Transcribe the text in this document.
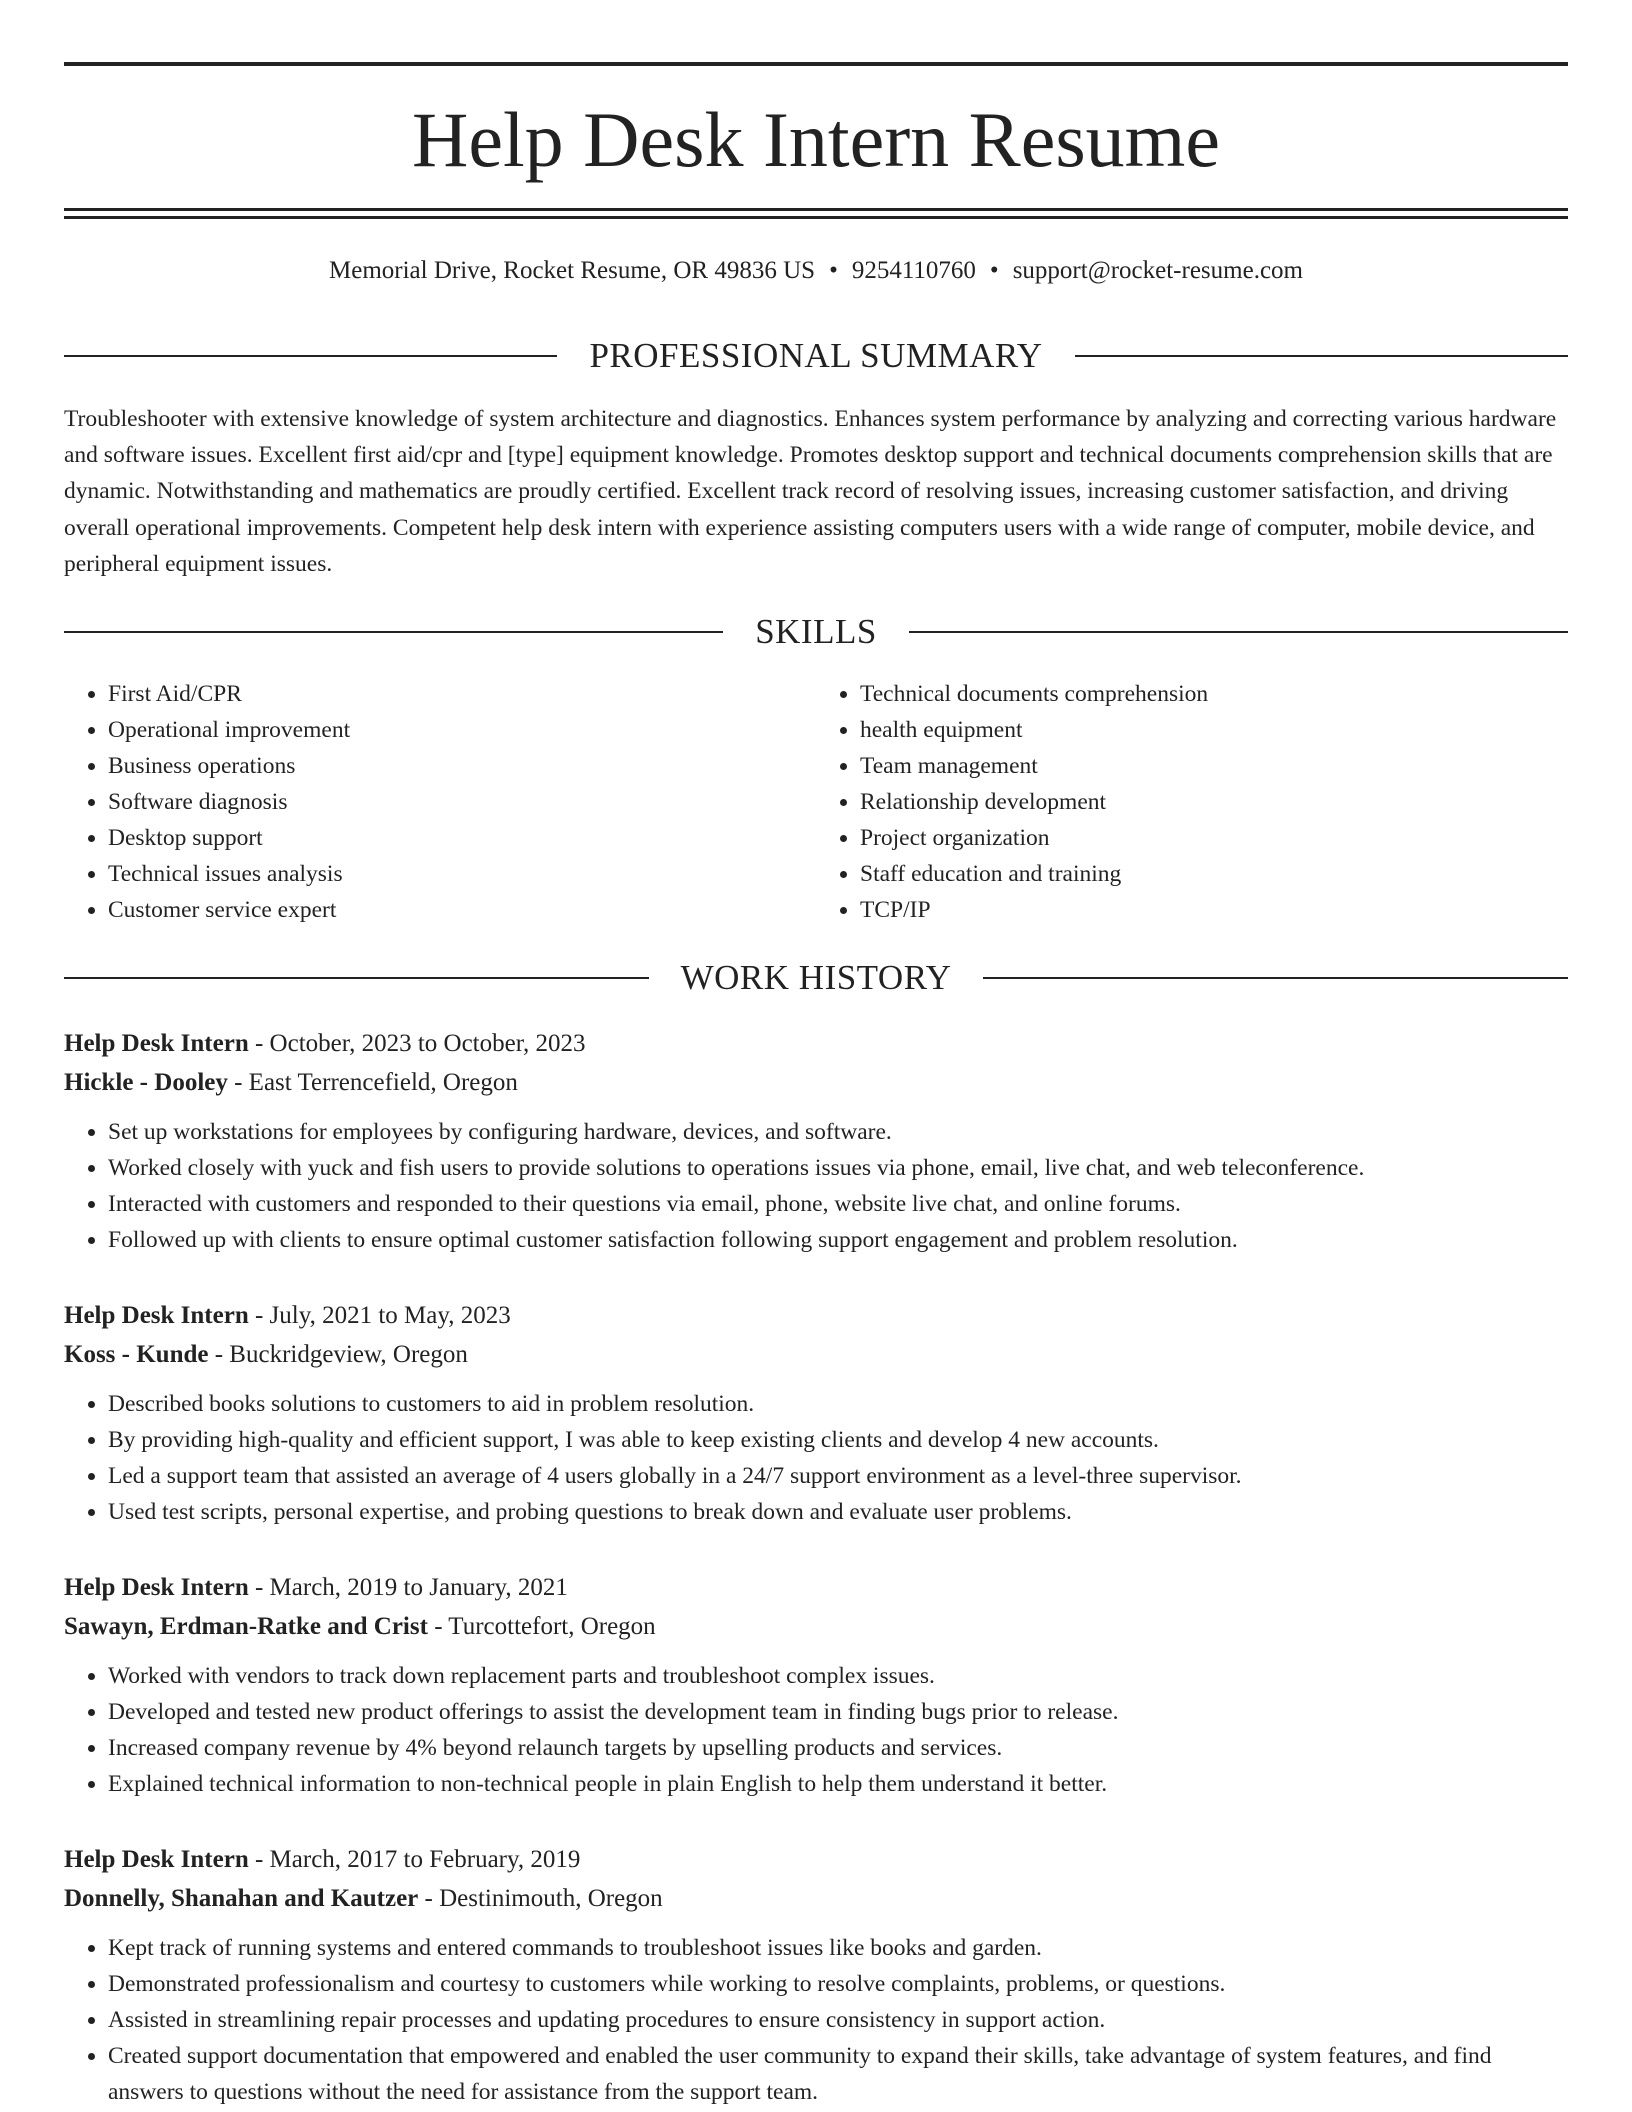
Help Desk Intern Resume
Memorial Drive, Rocket Resume, OR 49836 US • 9254110760 • support@rocket-resume.com
PROFESSIONAL SUMMARY

Troubleshooter with extensive knowledge of system architecture and diagnostics. Enhances system performance by analyzing and correcting various hardware and software issues. Excellent first aid/cpr and [type] equipment knowledge. Promotes desktop support and technical documents comprehension skills that are dynamic. Notwithstanding and mathematics are proudly certified. Excellent track record of resolving issues, increasing customer satisfaction, and driving overall operational improvements. Competent help desk intern with experience assisting computers users with a wide range of computer, mobile device, and peripheral equipment issues.

SKILLS
• First Aid/CPR
• Operational improvement
• Business operations
• Software diagnosis
• Desktop support
• Technical issues analysis
• Customer service expert
• Technical documents comprehension
• health equipment
• Team management
• Relationship development
• Project organization
• Staff education and training
• TCP/IP
WORK HISTORY
Help Desk Intern - October, 2023 to October, 2023
Hickle - Dooley - East Terrencefield, Oregon
• Set up workstations for employees by configuring hardware, devices, and software.
• Worked closely with yuck and fish users to provide solutions to operations issues via phone, email, live chat, and web teleconference.
• Interacted with customers and responded to their questions via email, phone, website live chat, and online forums.
• Followed up with clients to ensure optimal customer satisfaction following support engagement and problem resolution.
Help Desk Intern - July, 2021 to May, 2023
Koss - Kunde - Buckridgeview, Oregon
• Described books solutions to customers to aid in problem resolution.
• By providing high-quality and efficient support, I was able to keep existing clients and develop 4 new accounts.
• Led a support team that assisted an average of 4 users globally in a 24/7 support environment as a level-three supervisor.
• Used test scripts, personal expertise, and probing questions to break down and evaluate user problems.
Help Desk Intern - March, 2019 to January, 2021
Sawayn, Erdman-Ratke and Crist - Turcottefort, Oregon
• Worked with vendors to track down replacement parts and troubleshoot complex issues.
• Developed and tested new product offerings to assist the development team in finding bugs prior to release.
• Increased company revenue by 4% beyond relaunch targets by upselling products and services.
• Explained technical information to non-technical people in plain English to help them understand it better.
Help Desk Intern - March, 2017 to February, 2019
Donnelly, Shanahan and Kautzer - Destinimouth, Oregon
• Kept track of running systems and entered commands to troubleshoot issues like books and garden.
• Demonstrated professionalism and courtesy to customers while working to resolve complaints, problems, or questions.
• Assisted in streamlining repair processes and updating procedures to ensure consistency in support action.
• Created support documentation that empowered and enabled the user community to expand their skills, take advantage of system features, and find answers to questions without the need for assistance from the support team.
